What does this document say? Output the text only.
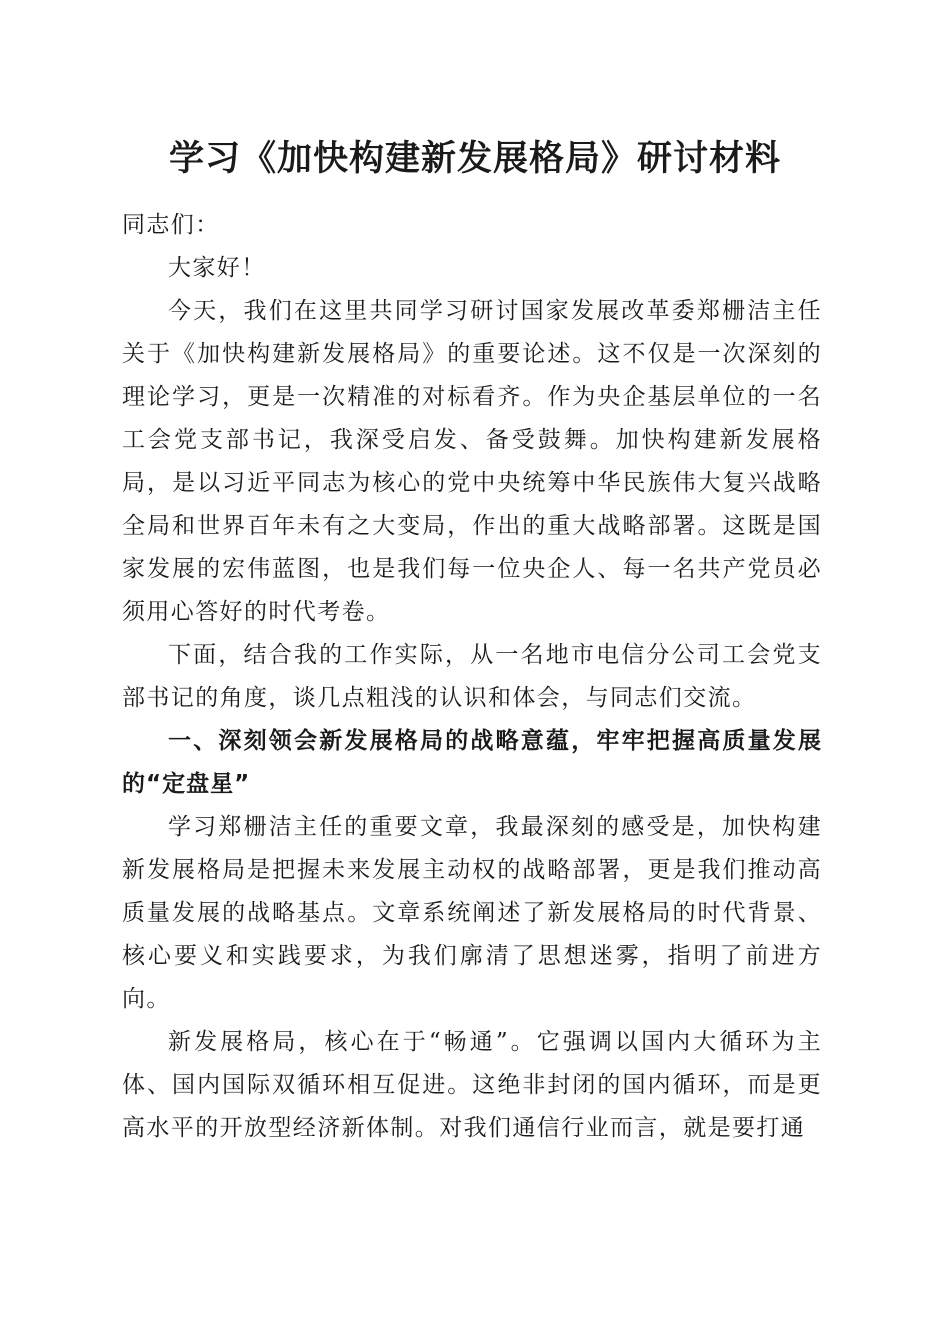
学习《加快构建新发展格局》研讨材料

同志们：

大家好！

今天，我们在这里共同学习研讨国家发展改革委郑栅洁主任关于《加快构建新发展格局》的重要论述。这不仅是一次深刻的理论学习，更是一次精准的对标看齐。作为央企基层单位的一名工会党支部书记，我深受启发、备受鼓舞。加快构建新发展格局，是以习近平同志为核心的党中央统筹中华民族伟大复兴战略全局和世界百年未有之大变局，作出的重大战略部署。这既是国家发展的宏伟蓝图，也是我们每一位央企人、每一名共产党员必须用心答好的时代考卷。

下面，结合我的工作实际，从一名地市电信分公司工会党支部书记的角度，谈几点粗浅的认识和体会，与同志们交流。

一、深刻领会新发展格局的战略意蕴，牢牢把握高质量发展的“定盘星”

学习郑栅洁主任的重要文章，我最深刻的感受是，加快构建新发展格局是把握未来发展主动权的战略部署，更是我们推动高质量发展的战略基点。文章系统阐述了新发展格局的时代背景、核心要义和实践要求，为我们廓清了思想迷雾，指明了前进方向。

新发展格局，核心在于“畅通”。它强调以国内大循环为主体、国内国际双循环相互促进。这绝非封闭的国内循环，而是更高水平的开放型经济新体制。对我们通信行业而言，就是要打通
